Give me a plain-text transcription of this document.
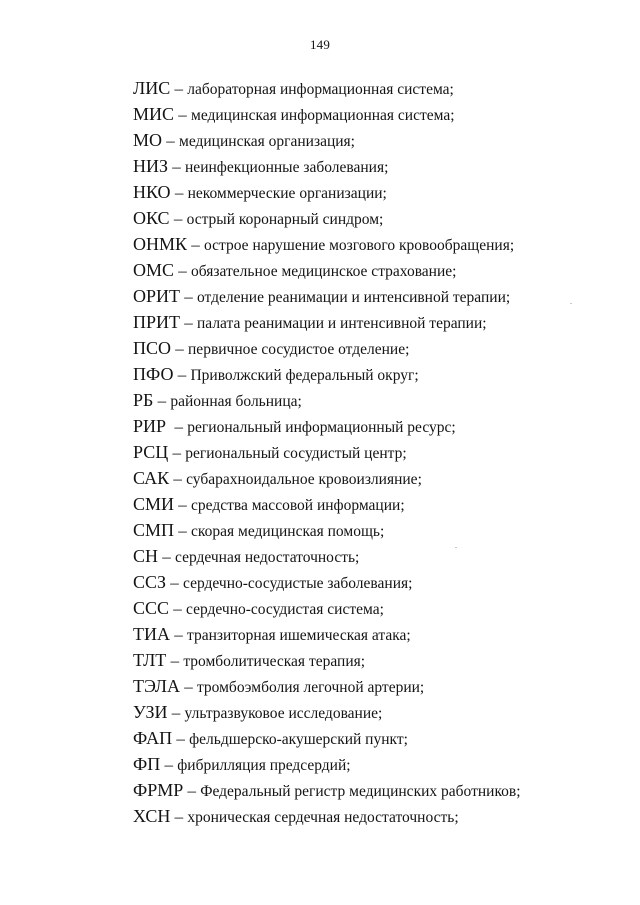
149
ЛИС – лабораторная информационная система;
МИС – медицинская информационная система;
МО – медицинская организация;
НИЗ – неинфекционные заболевания;
НКО – некоммерческие организации;
ОКС – острый коронарный синдром;
ОНМК – острое нарушение мозгового кровообращения;
ОМС – обязательное медицинское страхование;
ОРИТ – отделение реанимации и интенсивной терапии;
ПРИТ – палата реанимации и интенсивной терапии;
ПСО – первичное сосудистое отделение;
ПФО – Приволжский федеральный округ;
РБ – районная больница;
РИР  – региональный информационный ресурс;
РСЦ – региональный сосудистый центр;
САК – субарахноидальное кровоизлияние;
СМИ – средства массовой информации;
СМП – скорая медицинская помощь;
СН – сердечная недостаточность;
ССЗ – сердечно-сосудистые заболевания;
ССС – сердечно-сосудистая система;
ТИА – транзиторная ишемическая атака;
ТЛТ – тромболитическая терапия;
ТЭЛА – тромбоэмболия легочной артерии;
УЗИ – ультразвуковое исследование;
ФАП – фельдшерско-акушерский пункт;
ФП – фибрилляция предсердий;
ФРМР – Федеральный регистр медицинских работников;
ХСН – хроническая сердечная недостаточность;
